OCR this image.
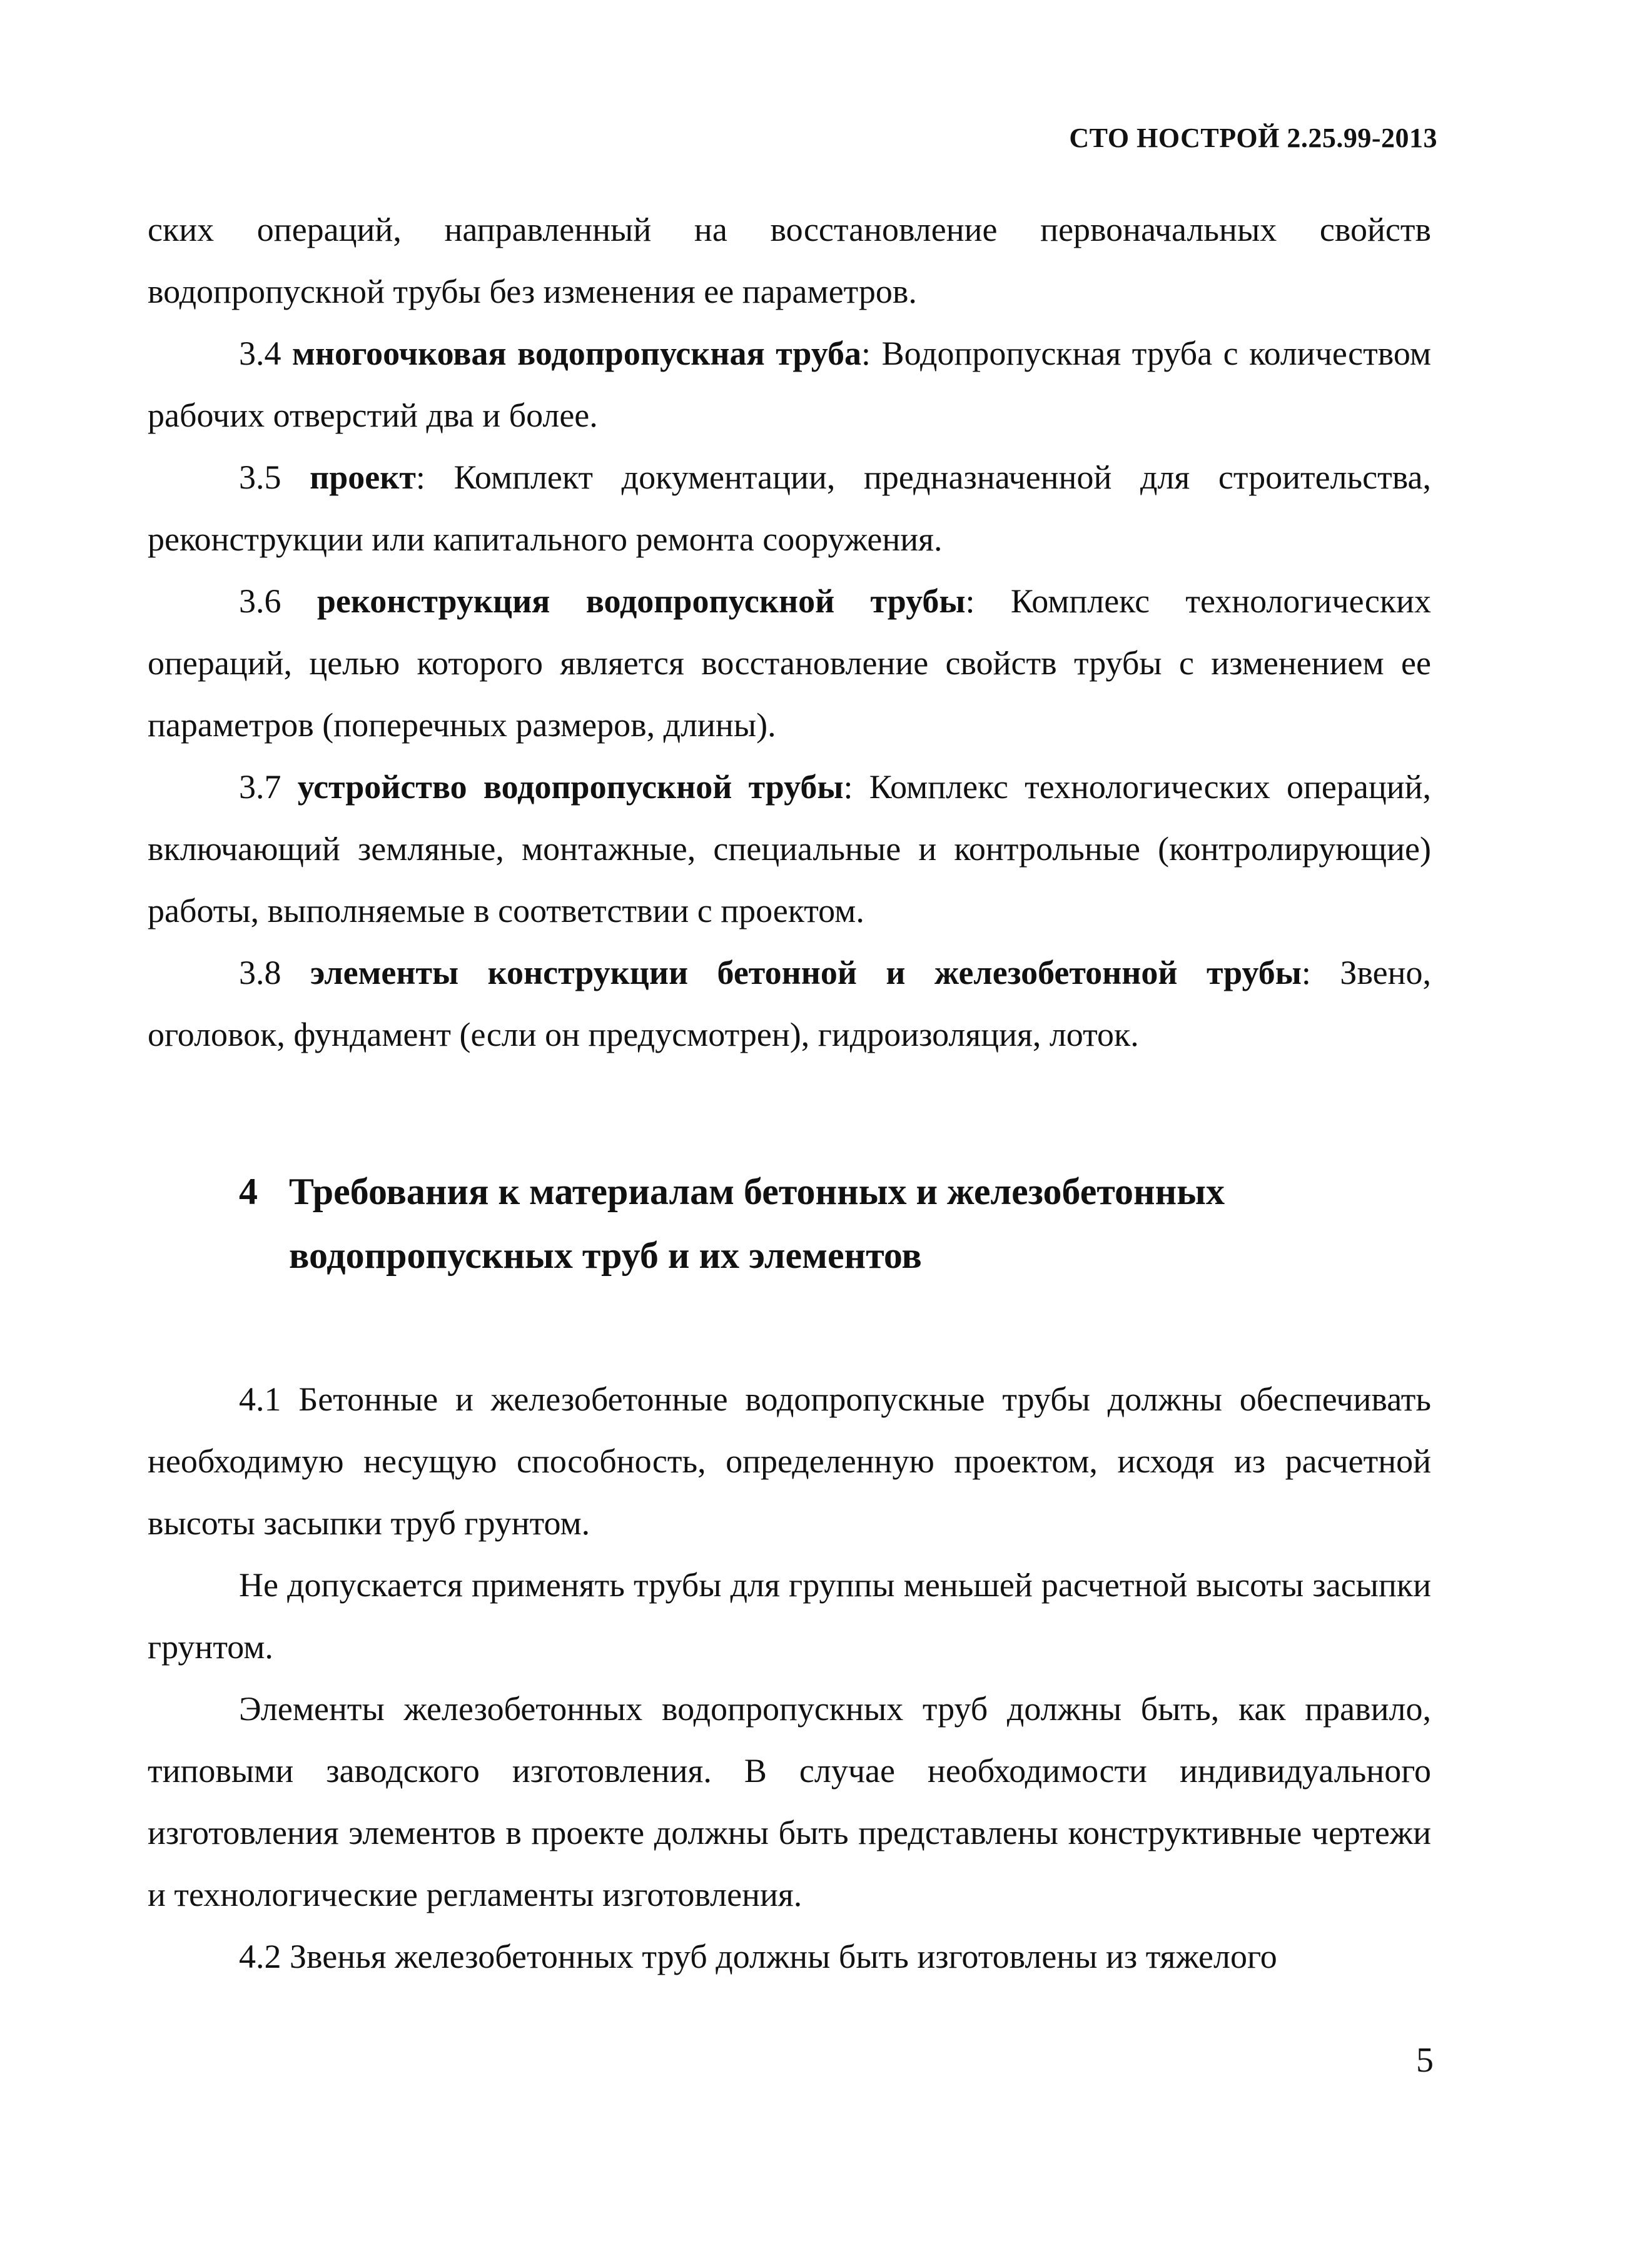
СТО НОСТРОЙ 2.25.99-2013

ских операций, направленный на восстановление первоначальных свойств водопропускной трубы без изменения ее параметров.

3.4 многоочковая водопропускная труба: Водопропускная труба с количеством рабочих отверстий два и более.

3.5 проект: Комплект документации, предназначенной для строительства, реконструкции или капитального ремонта сооружения.

3.6 реконструкция водопропускной трубы: Комплекс технологических операций, целью которого является восстановление свойств трубы с изменением ее параметров (поперечных размеров, длины).

3.7 устройство водопропускной трубы: Комплекс технологических операций, включающий земляные, монтажные, специальные и контрольные (контролирующие) работы, выполняемые в соответствии с проектом.

3.8 элементы конструкции бетонной и железобетонной трубы: Звено, оголовок, фундамент (если он предусмотрен), гидроизоляция, лоток.

4 Требования к материалам бетонных и железобетонных
водопропускных труб и их элементов

4.1 Бетонные и железобетонные водопропускные трубы должны обеспечивать необходимую несущую способность, определенную проектом, исходя из расчетной высоты засыпки труб грунтом.

Не допускается применять трубы для группы меньшей расчетной высоты засыпки грунтом.

Элементы железобетонных водопропускных труб должны быть, как правило, типовыми заводского изготовления. В случае необходимости индивидуального изготовления элементов в проекте должны быть представлены конструктивные чертежи и технологические регламенты изготовления.

4.2 Звенья железобетонных труб должны быть изготовлены из тяжелого

5
